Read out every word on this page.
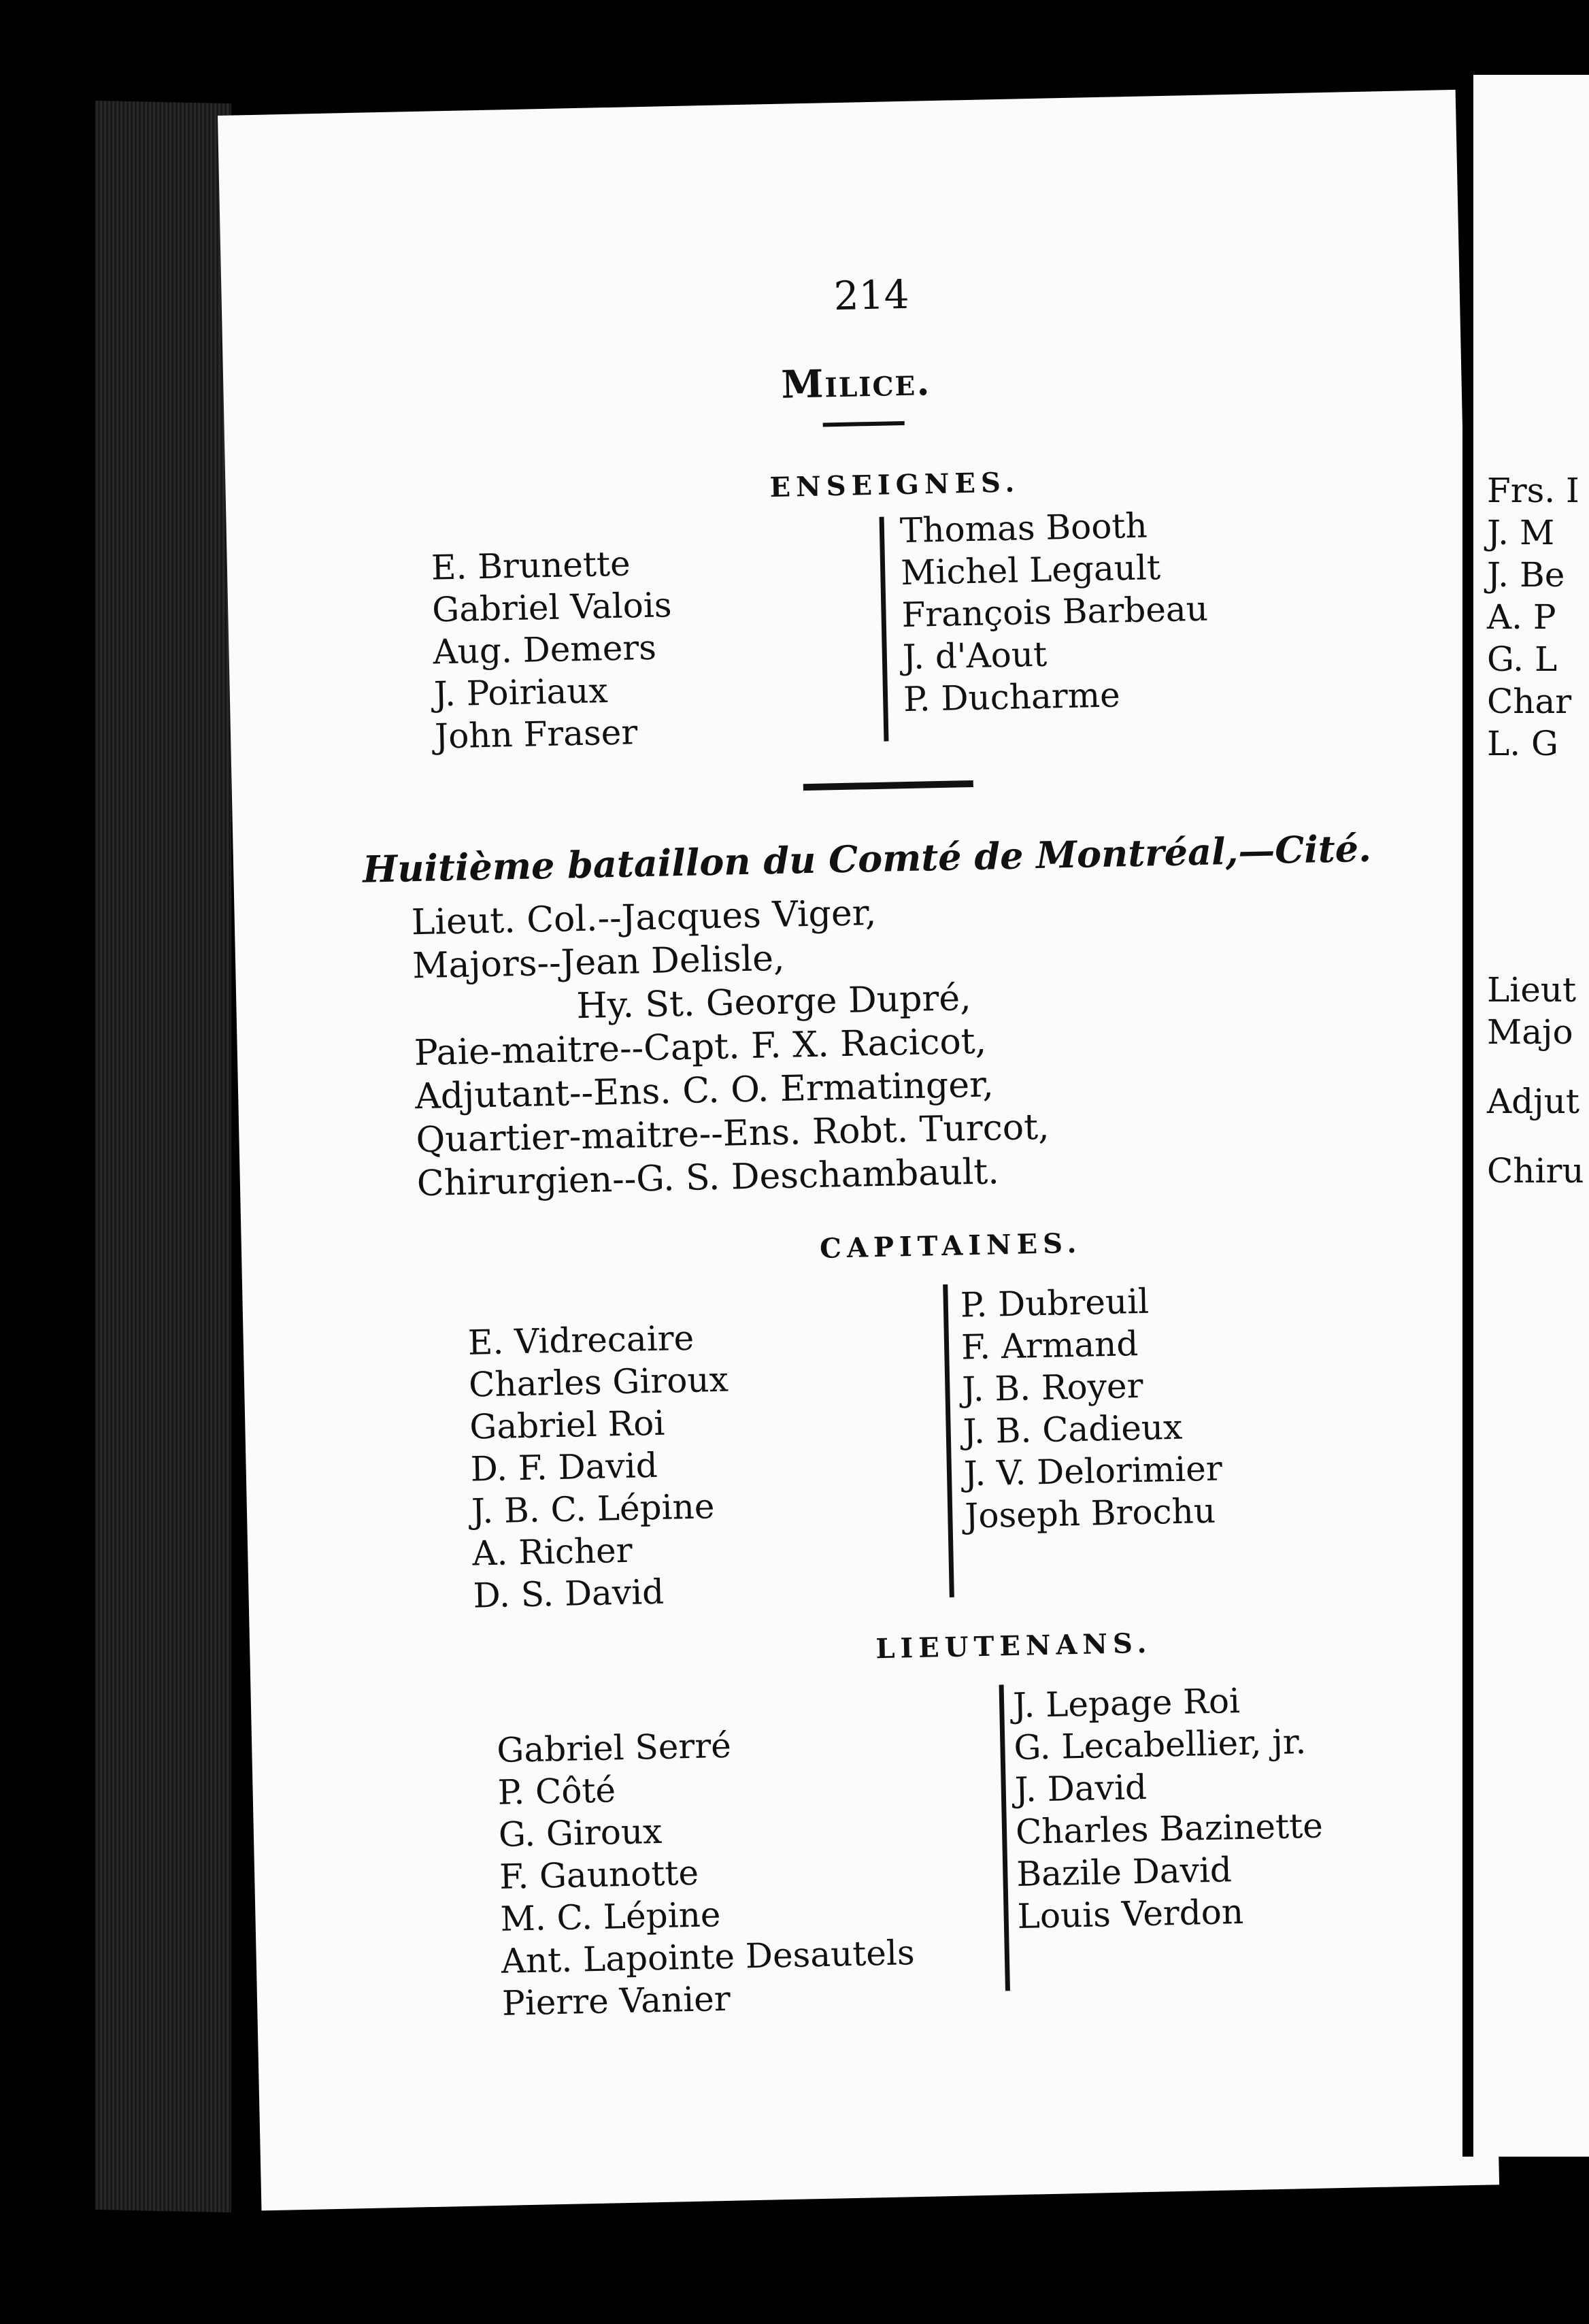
214
Milice.
ENSEIGNES.
E. Brunette
Gabriel Valois
Aug. Demers
J. Poiriaux
John Fraser
Thomas Booth
Michel Legault
François Barbeau
J. d'Aout
P. Ducharme
Huitième bataillon du Comté de Montréal,—Cité.
Lieut. Col.--Jacques Viger,
Majors--Jean Delisle,
Hy. St. George Dupré,
Paie-maitre--Capt. F. X. Racicot,
Adjutant--Ens. C. O. Ermatinger,
Quartier-maitre--Ens. Robt. Turcot,
Chirurgien--G. S. Deschambault.
CAPITAINES.
E. Vidrecaire
Charles Giroux
Gabriel Roi
D. F. David
J. B. C. Lépine
A. Richer
D. S. David
P. Dubreuil
F. Armand
J. B. Royer
J. B. Cadieux
J. V. Delorimier
Joseph Brochu
LIEUTENANS.
Gabriel Serré
P. Côté
G. Giroux
F. Gaunotte
M. C. Lépine
Ant. Lapointe Desautels
Pierre Vanier
J. Lepage Roi
G. Lecabellier, jr.
J. David
Charles Bazinette
Bazile David
Louis Verdon
Frs. I
J. M
J. Be
A. P
G. L
Char
L. G
Lieut
Majo
Adjut
Chiru
